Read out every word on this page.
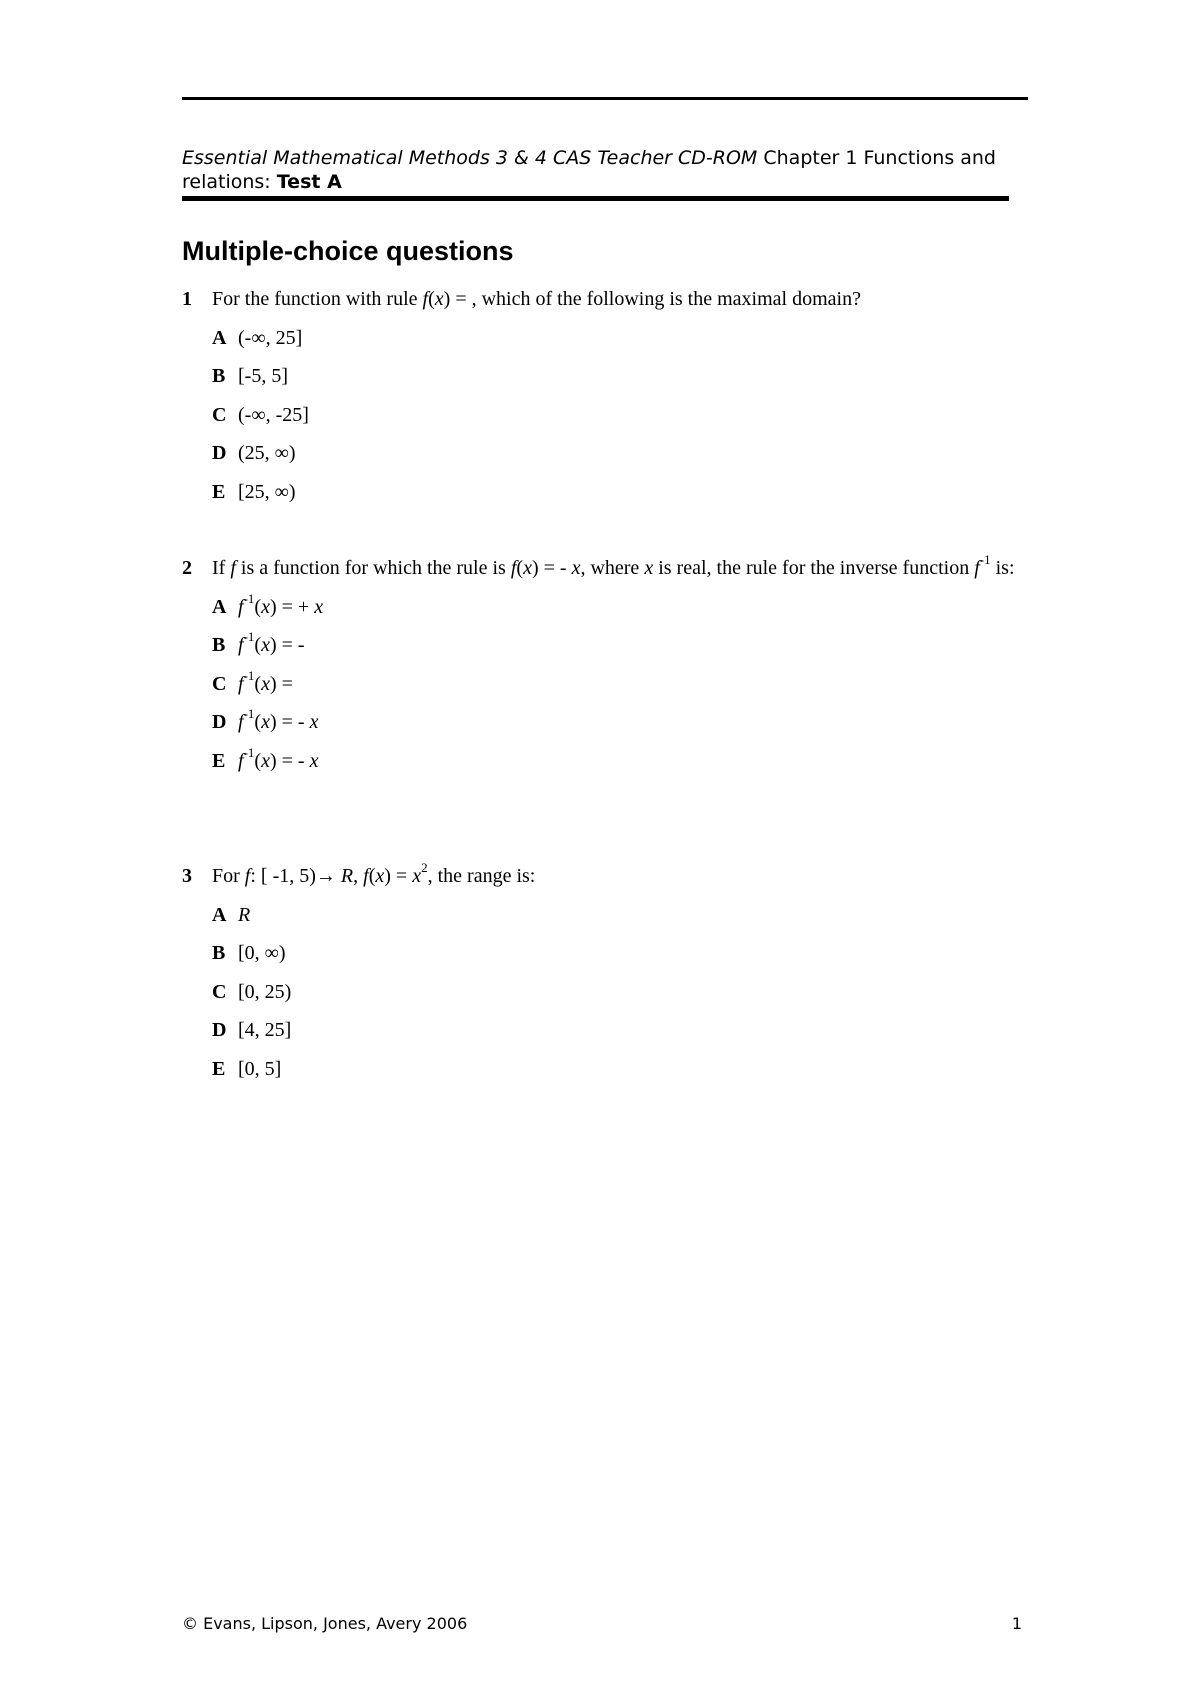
Essential Mathematical Methods 3 & 4 CAS Teacher CD-ROM Chapter 1 Functions and relations: Test A
Multiple-choice questions
1 For the function with rule f(x) = , which of the following is the maximal domain?
A (-∞, 25]
B [-5, 5]
C (-∞, -25]
D (25, ∞)
E [25, ∞)
2 If f is a function for which the rule is f(x) = - x, where x is real, the rule for the inverse function $f^{-1}$ is:
A $f^{-1}(x)$ = + x
B $f^{-1}(x)$ = -
C $f^{-1}(x)$ =
D $f^{-1}(x)$ = - x
E $f^{-1}(x)$ = - x
3 For f: [ -1, 5)→ R, $f(x) = x^2$, the range is:
A R
B [0, ∞)
C [0, 25)
D [4, 25]
E [0, 5]
© Evans, Lipson, Jones, Avery 2006	1
